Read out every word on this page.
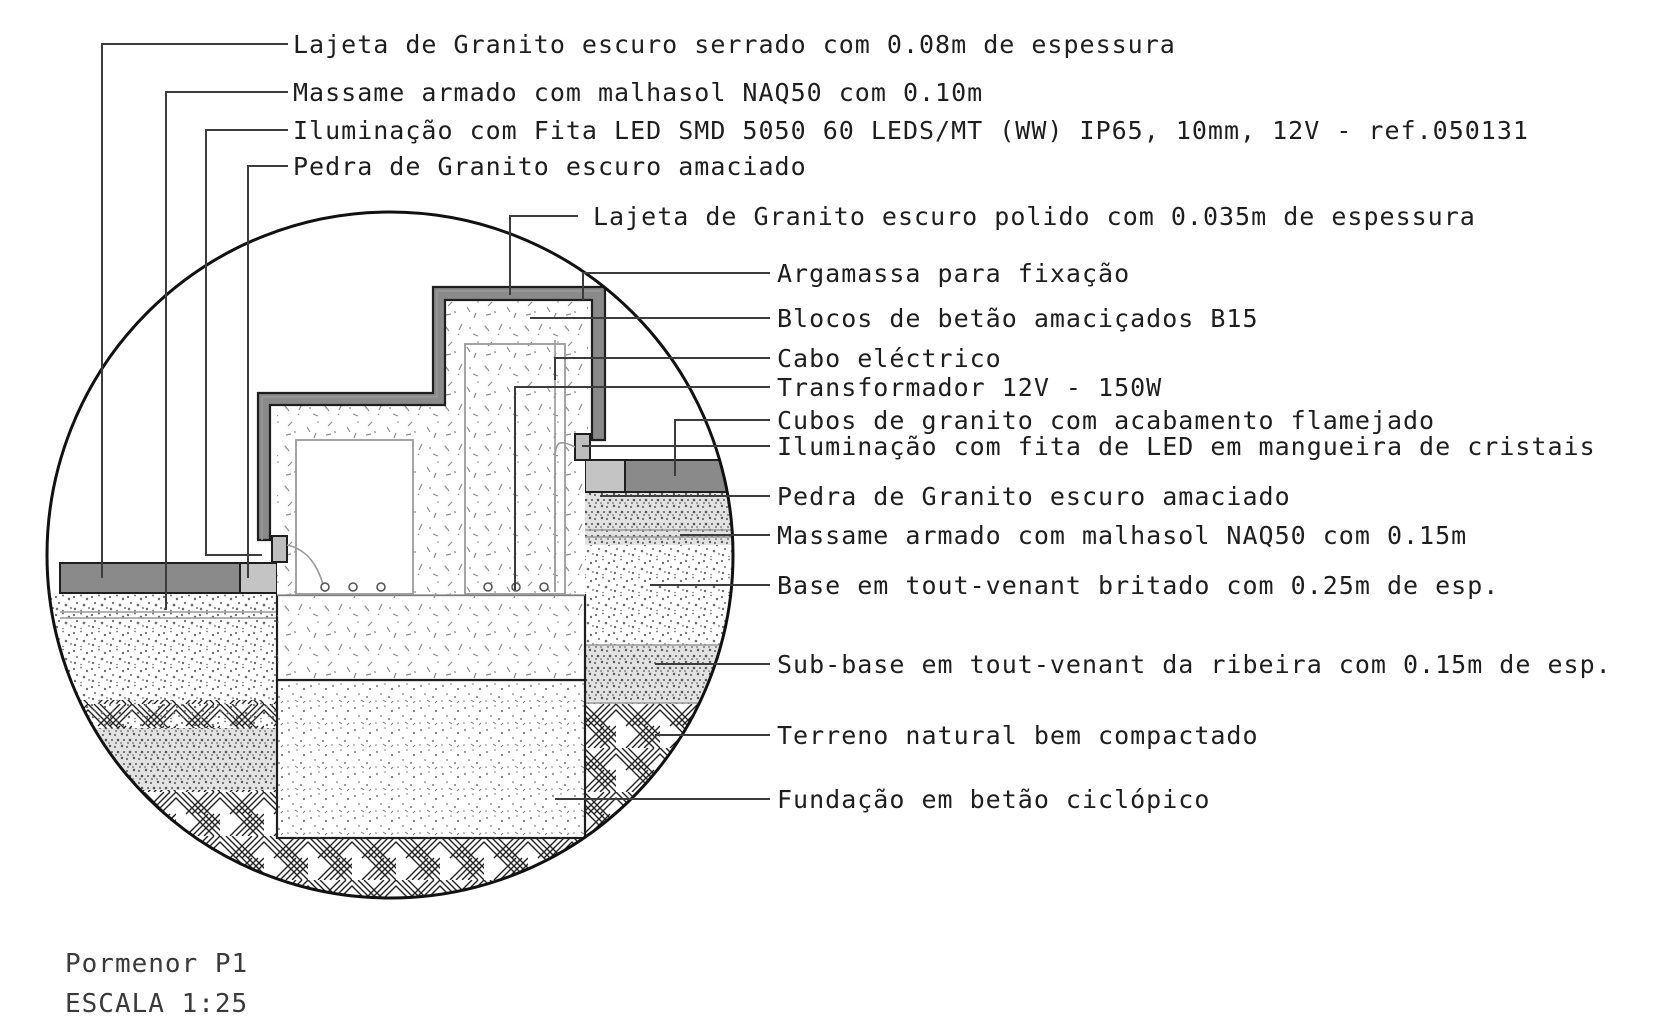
Lajeta de Granito escuro serrado com 0.08m de espessura
Massame armado com malhasol NAQ50 com 0.10m
Iluminação com Fita LED SMD 5050 60 LEDS/MT (WW) IP65, 10mm, 12V - ref.050131
Pedra de Granito escuro amaciado
Lajeta de Granito escuro polido com 0.035m de espessura
Argamassa para fixação
Blocos de betão amaciçados B15
Cabo eléctrico
Transformador 12V - 150W
Cubos de granito com acabamento flamejado
Iluminação com fita de LED em mangueira de cristais
Pedra de Granito escuro amaciado
Massame armado com malhasol NAQ50 com 0.15m
Base em tout-venant britado com 0.25m de esp.
Sub-base em tout-venant da ribeira com 0.15m de esp.
Terreno natural bem compactado
Fundação em betão ciclópico
Pormenor P1
ESCALA 1:25
